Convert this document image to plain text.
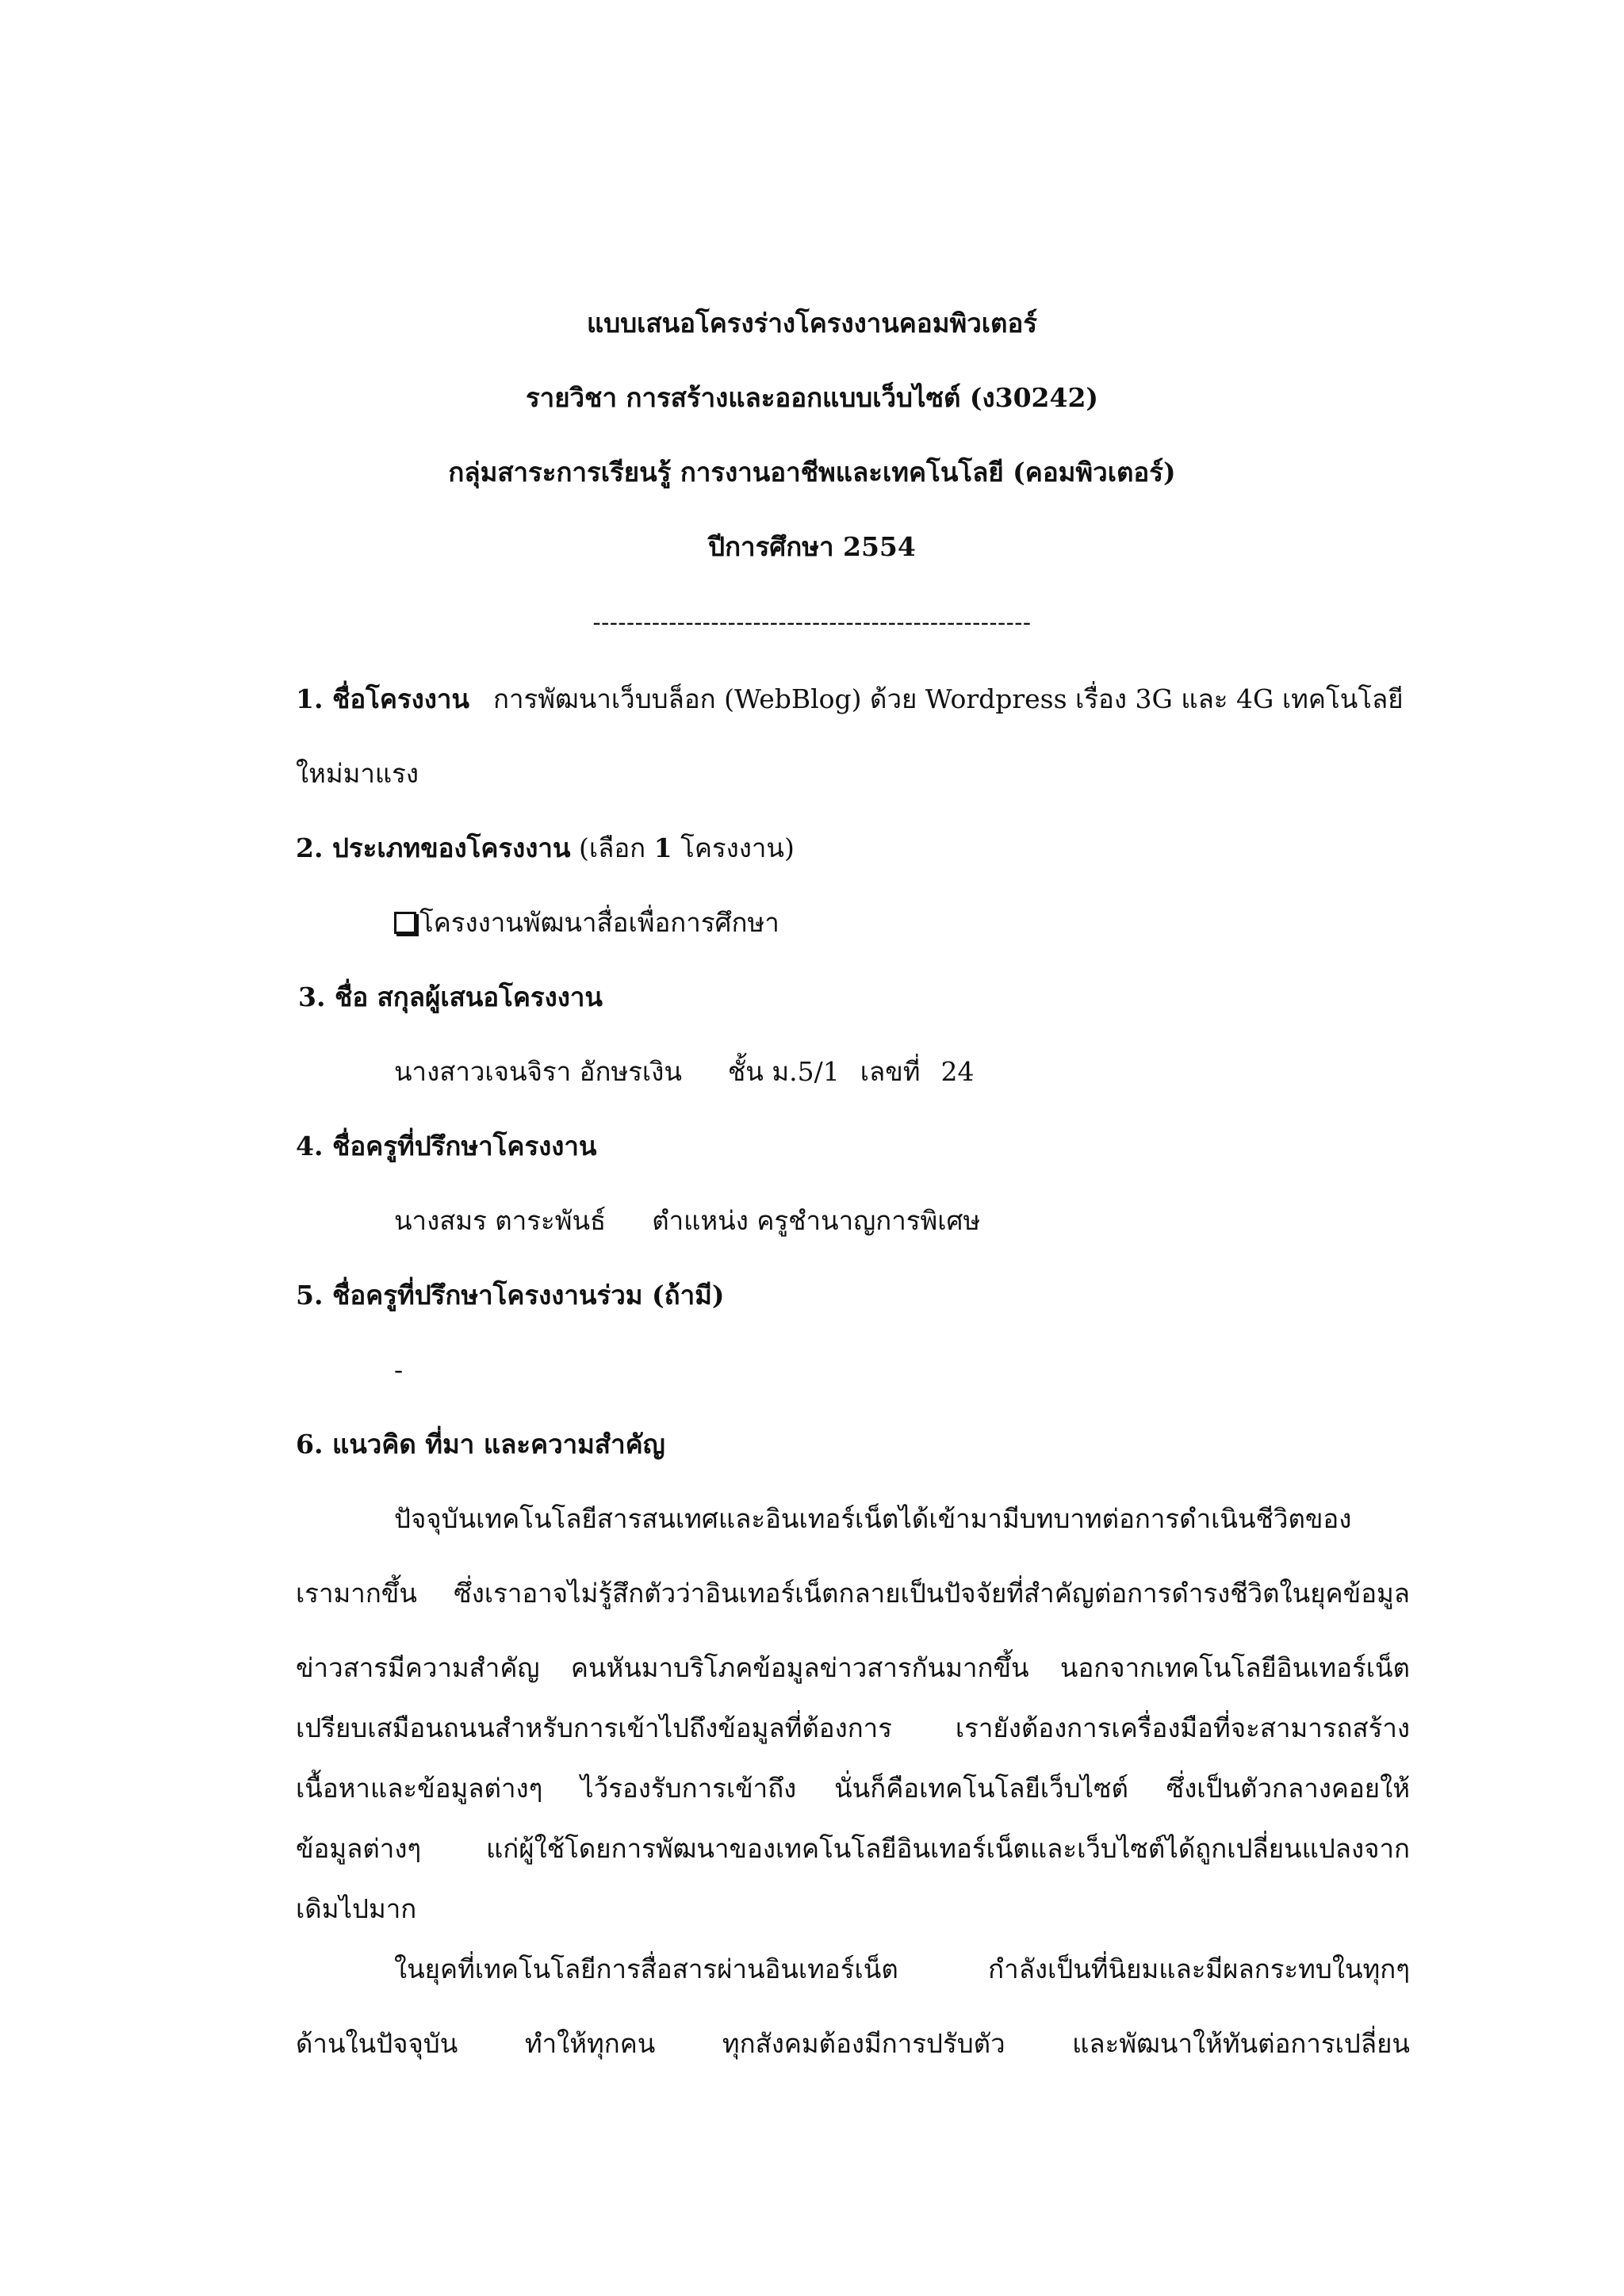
แบบเสนอโครงร่างโครงงานคอมพิวเตอร์

รายวิชา การสร้างและออกแบบเว็บไซต์ (ง30242)

กลุ่มสาระการเรียนรู้ การงานอาชีพและเทคโนโลยี (คอมพิวเตอร์)

ปีการศึกษา 2554

----------------------------------------------------

1. ชื่อโครงงาน การพัฒนาเว็บบล็อก (WebBlog) ด้วย Wordpress เรื่อง 3G และ 4G เทคโนโลยี

ใหม่มาแรง

2. ประเภทของโครงงาน (เลือก 1 โครงงาน)

โครงงานพัฒนาสื่อเพื่อการศึกษา

3. ชื่อ สกุลผู้เสนอโครงงาน

นางสาวเจนจิรา อักษรเงิน ชั้น ม.5/1 เลขที่ 24

4. ชื่อครูที่ปรึกษาโครงงาน

นางสมร ตาระพันธ์ ตำแหน่ง ครูชำนาญการพิเศษ

5. ชื่อครูที่ปรึกษาโครงงานร่วม (ถ้ามี)

-

6. แนวคิด ที่มา และความสำคัญ

ปัจจุบันเทคโนโลยีสารสนเทศและอินเทอร์เน็ตได้เข้ามามีบทบาทต่อการดำเนินชีวิตของ

เรามากขึ้น ซึ่งเราอาจไม่รู้สึกตัวว่าอินเทอร์เน็ตกลายเป็นปัจจัยที่สำคัญต่อการดำรงชีวิตในยุคข้อมูล

ข่าวสารมีความสำคัญ คนหันมาบริโภคข้อมูลข่าวสารกันมากขึ้น นอกจากเทคโนโลยีอินเทอร์เน็ต

เปรียบเสมือนถนนสำหรับการเข้าไปถึงข้อมูลที่ต้องการ เรายังต้องการเครื่องมือที่จะสามารถสร้าง

เนื้อหาและข้อมูลต่างๆ ไว้รองรับการเข้าถึง นั่นก็คือเทคโนโลยีเว็บไซต์ ซึ่งเป็นตัวกลางคอยให้

ข้อมูลต่างๆ แก่ผู้ใช้โดยการพัฒนาของเทคโนโลยีอินเทอร์เน็ตและเว็บไซต์ได้ถูกเปลี่ยนแปลงจาก

เดิมไปมาก

ในยุคที่เทคโนโลยีการสื่อสารผ่านอินเทอร์เน็ต กำลังเป็นที่นิยมและมีผลกระทบในทุกๆ

ด้านในปัจจุบัน ทำให้ทุกคน ทุกสังคมต้องมีการปรับตัว และพัฒนาให้ทันต่อการเปลี่ยน
